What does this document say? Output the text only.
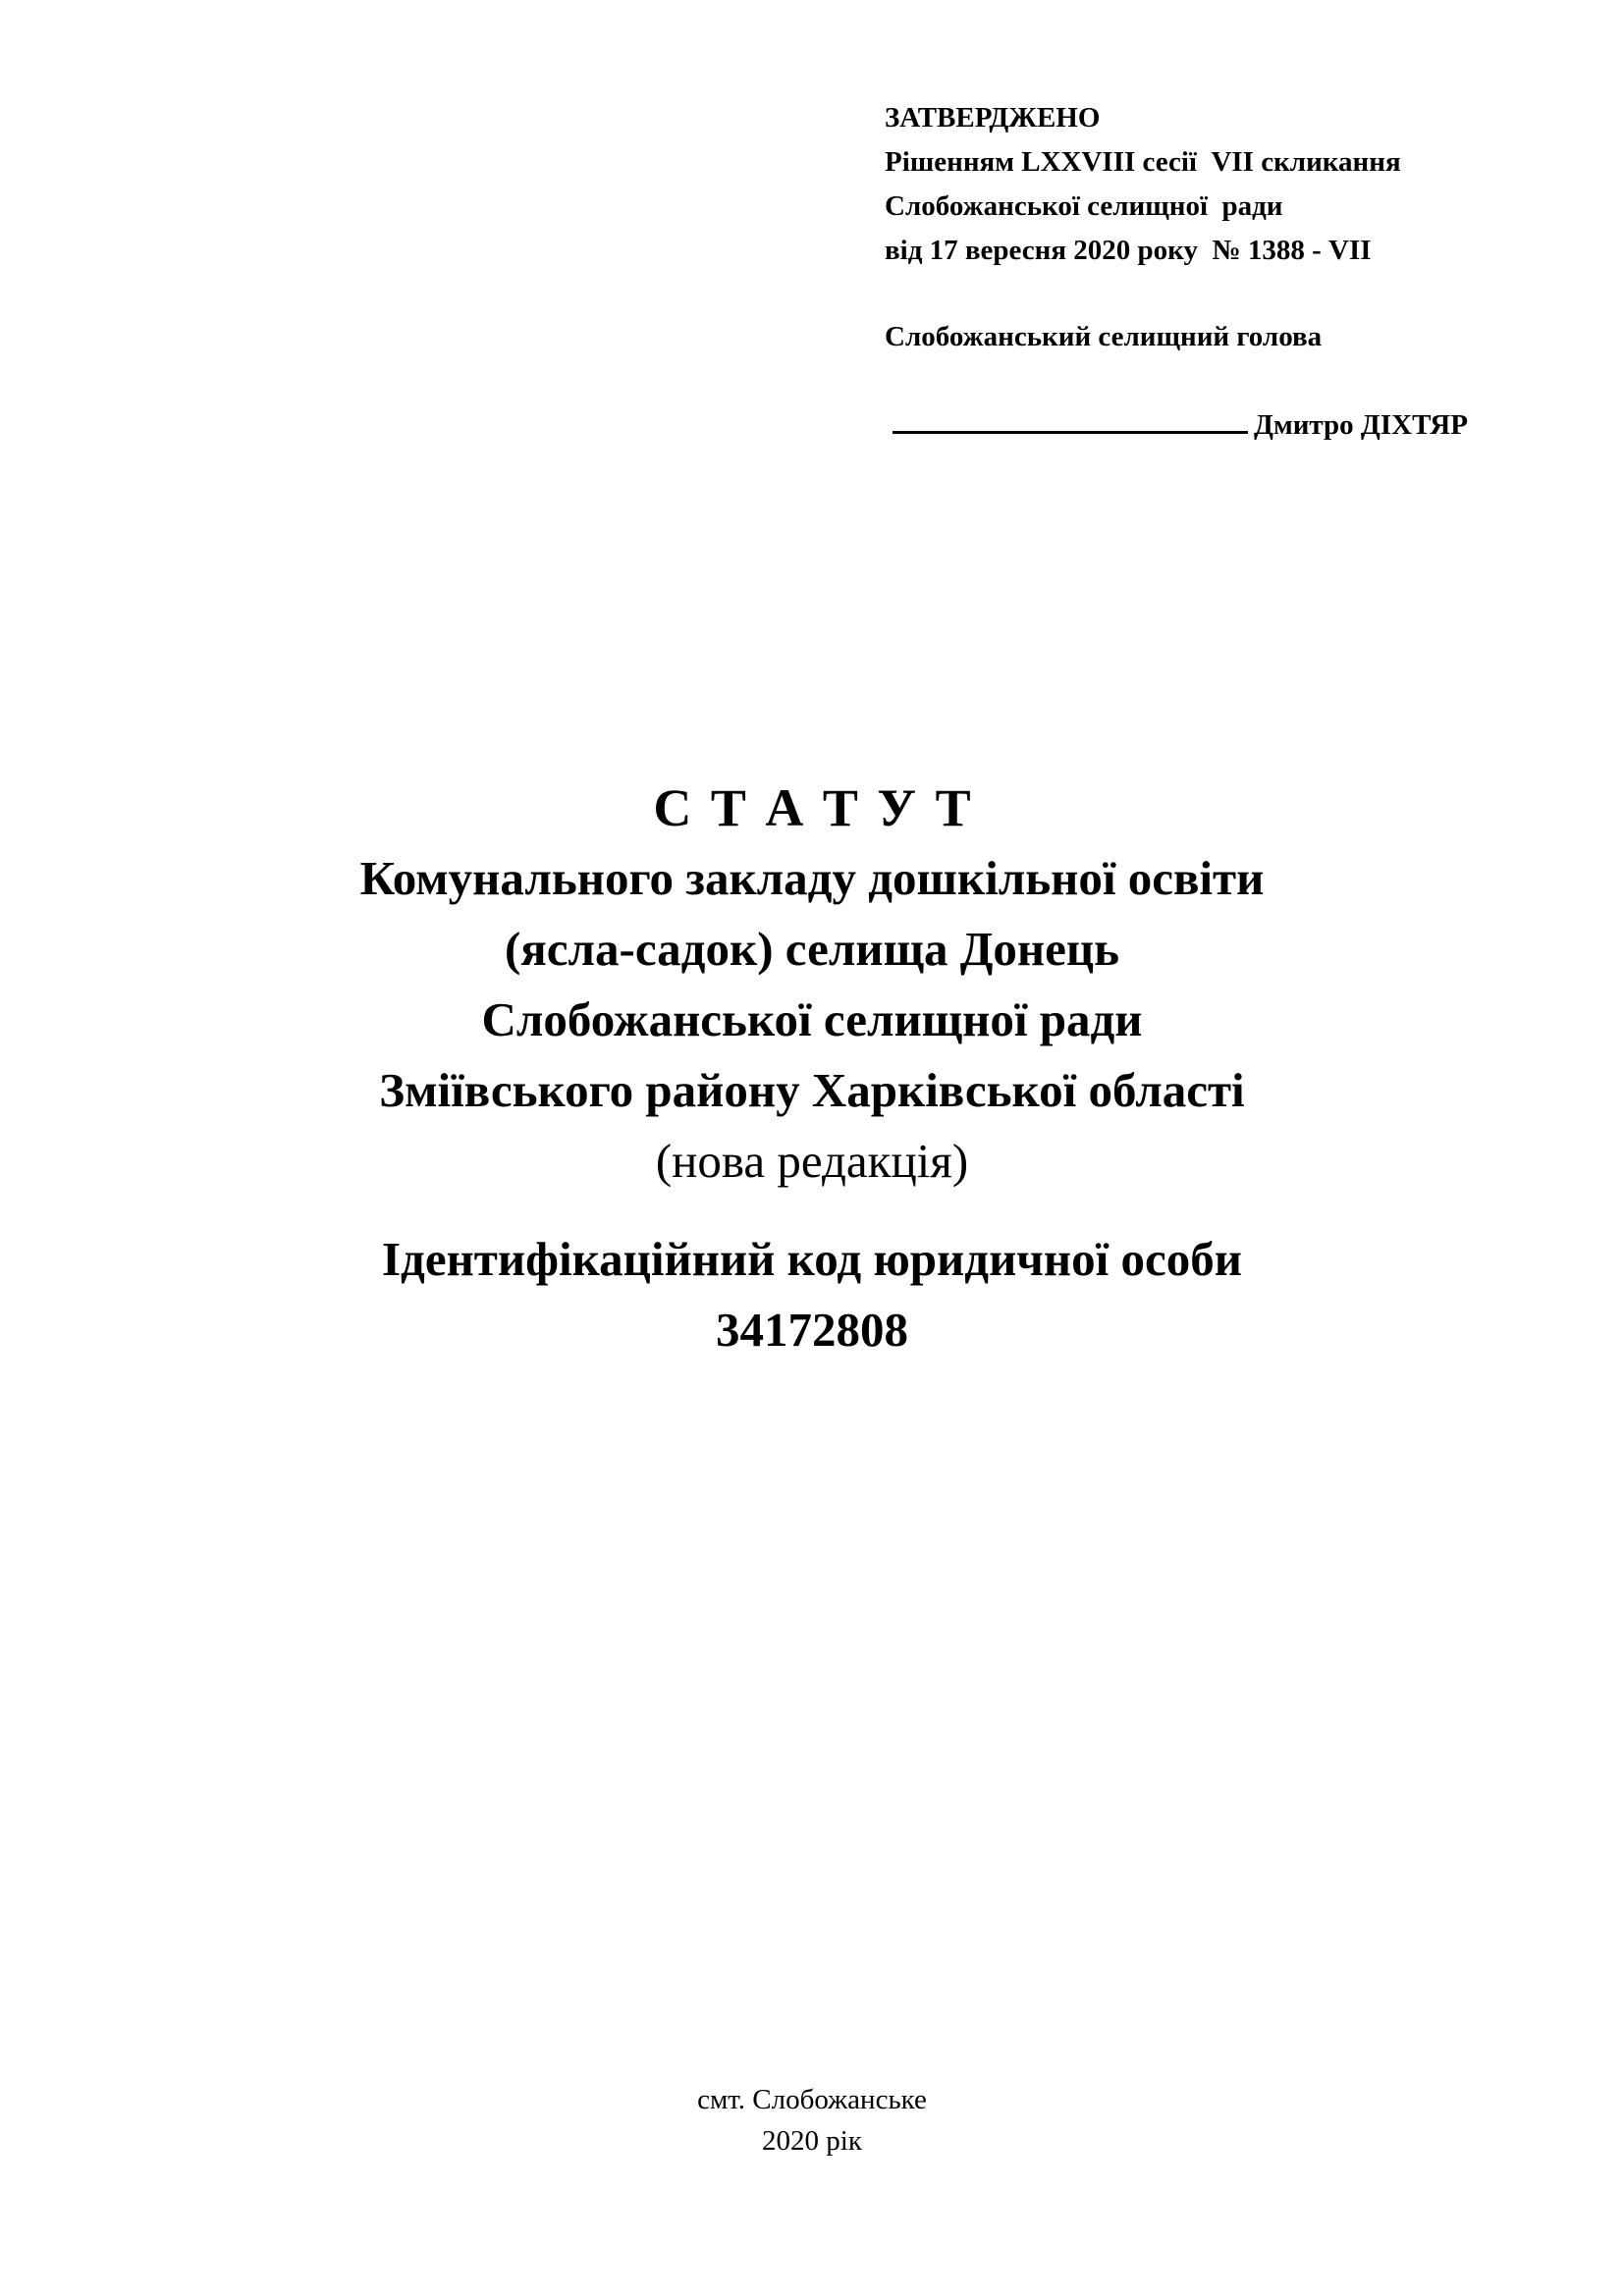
ЗАТВЕРДЖЕНО
Рішенням LXXVIII сесії  VII скликання
Слобожанської селищної  ради
від 17 вересня 2020 року  № 1388 - VII
Слобожанський селищний голова
Дмитро ДІХТЯР
С Т А Т У Т
Комунального закладу дошкільної освіти
(ясла-садок) селища Донець
Слобожанської селищної ради
Зміївського району Харківської області
(нова редакція)
Ідентифікаційний код юридичної особи
34172808
смт. Слобожанське
2020 рік
